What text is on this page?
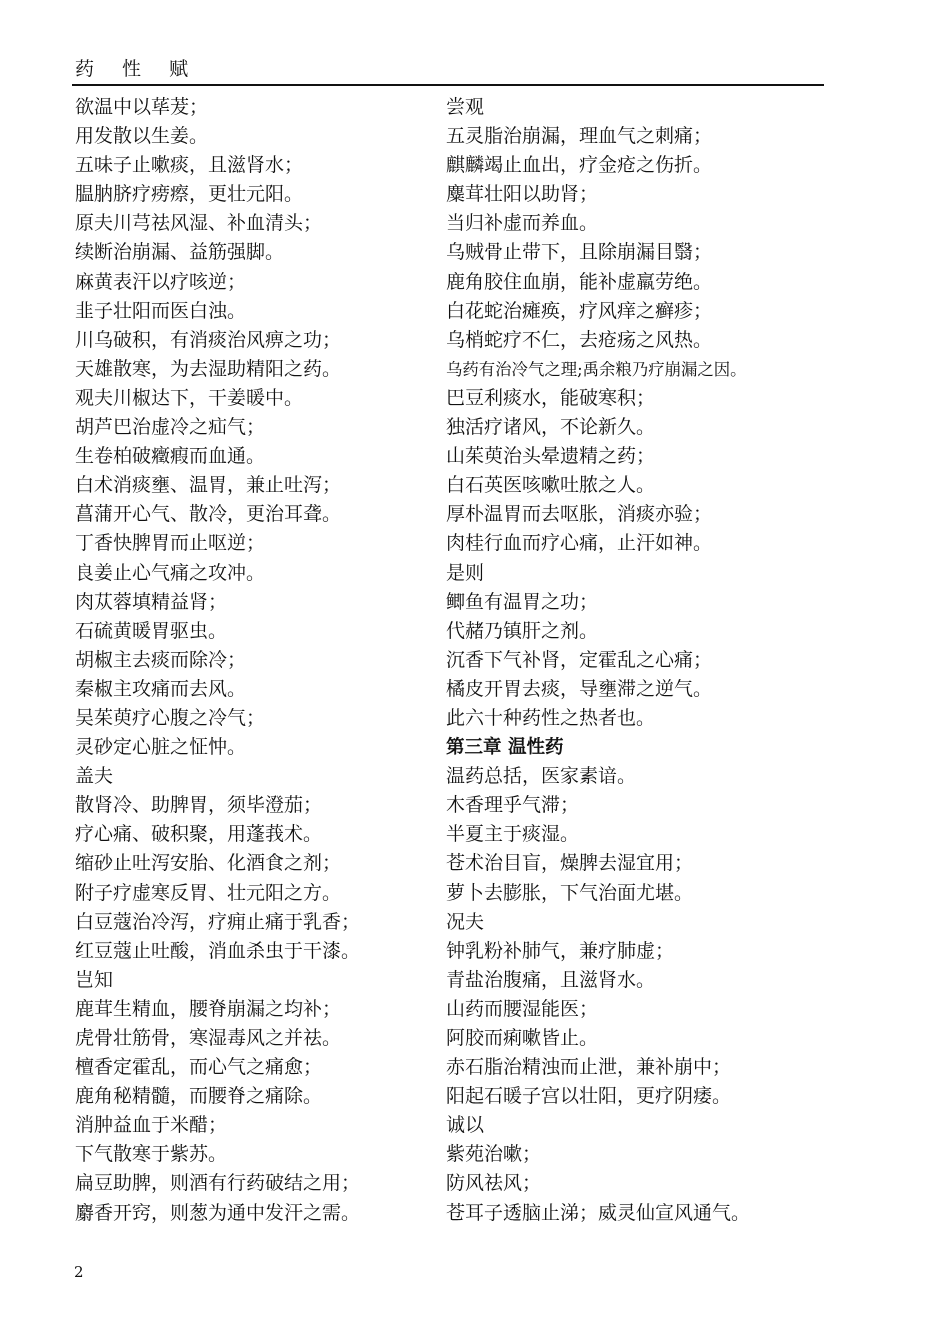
药 性 赋
欲温中以荜茇；
用发散以生姜。
五味子止嗽痰，且滋肾水；
腽肭脐疗痨瘵，更壮元阳。
原夫川芎祛风湿、补血清头；
续断治崩漏、益筋强脚。
麻黄表汗以疗咳逆；
韭子壮阳而医白浊。
川乌破积，有消痰治风痹之功；
天雄散寒，为去湿助精阳之药。
观夫川椒达下，干姜暖中。
胡芦巴治虚冷之疝气；
生卷柏破癥瘕而血通。
白术消痰壅、温胃，兼止吐泻；
菖蒲开心气、散冷，更治耳聋。
丁香快脾胃而止呕逆；
良姜止心气痛之攻冲。
肉苁蓉填精益肾；
石硫黄暖胃驱虫。
胡椒主去痰而除冷；
秦椒主攻痛而去风。
吴茱萸疗心腹之冷气；
灵砂定心脏之怔忡。
盖夫
散肾冷、助脾胃，须毕澄茄；
疗心痛、破积聚，用蓬莪术。
缩砂止吐泻安胎、化酒食之剂；
附子疗虚寒反胃、壮元阳之方。
白豆蔻治冷泻，疗痈止痛于乳香；
红豆蔻止吐酸，消血杀虫于干漆。
岂知
鹿茸生精血，腰脊崩漏之均补；
虎骨壮筋骨，寒湿毒风之并祛。
檀香定霍乱，而心气之痛愈；
鹿角秘精髓，而腰脊之痛除。
消肿益血于米醋；
下气散寒于紫苏。
扁豆助脾，则酒有行药破结之用；
麝香开窍，则葱为通中发汗之需。
尝观
五灵脂治崩漏，理血气之刺痛；
麒麟竭止血出，疗金疮之伤折。
麋茸壮阳以助肾；
当归补虚而养血。
乌贼骨止带下，且除崩漏目翳；
鹿角胶住血崩，能补虚羸劳绝。
白花蛇治瘫痪，疗风痒之癣疹；
乌梢蛇疗不仁，去疮疡之风热。
乌药有治冷气之理;禹余粮乃疗崩漏之因。
巴豆利痰水，能破寒积；
独活疗诸风，不论新久。
山茱萸治头晕遗精之药；
白石英医咳嗽吐脓之人。
厚朴温胃而去呕胀，消痰亦验；
肉桂行血而疗心痛，止汗如神。
是则
鲫鱼有温胃之功；
代赭乃镇肝之剂。
沉香下气补肾，定霍乱之心痛；
橘皮开胃去痰，导壅滞之逆气。
此六十种药性之热者也。
第三章 温性药
温药总括，医家素谙。
木香理乎气滞；
半夏主于痰湿。
苍术治目盲，燥脾去湿宜用；
萝卜去膨胀，下气治面尤堪。
况夫
钟乳粉补肺气，兼疗肺虚；
青盐治腹痛，且滋肾水。
山药而腰湿能医；
阿胶而痢嗽皆止。
赤石脂治精浊而止泄，兼补崩中；
阳起石暖子宫以壮阳，更疗阴痿。
诚以
紫苑治嗽；
防风祛风；
苍耳子透脑止涕；威灵仙宣风通气。
2
